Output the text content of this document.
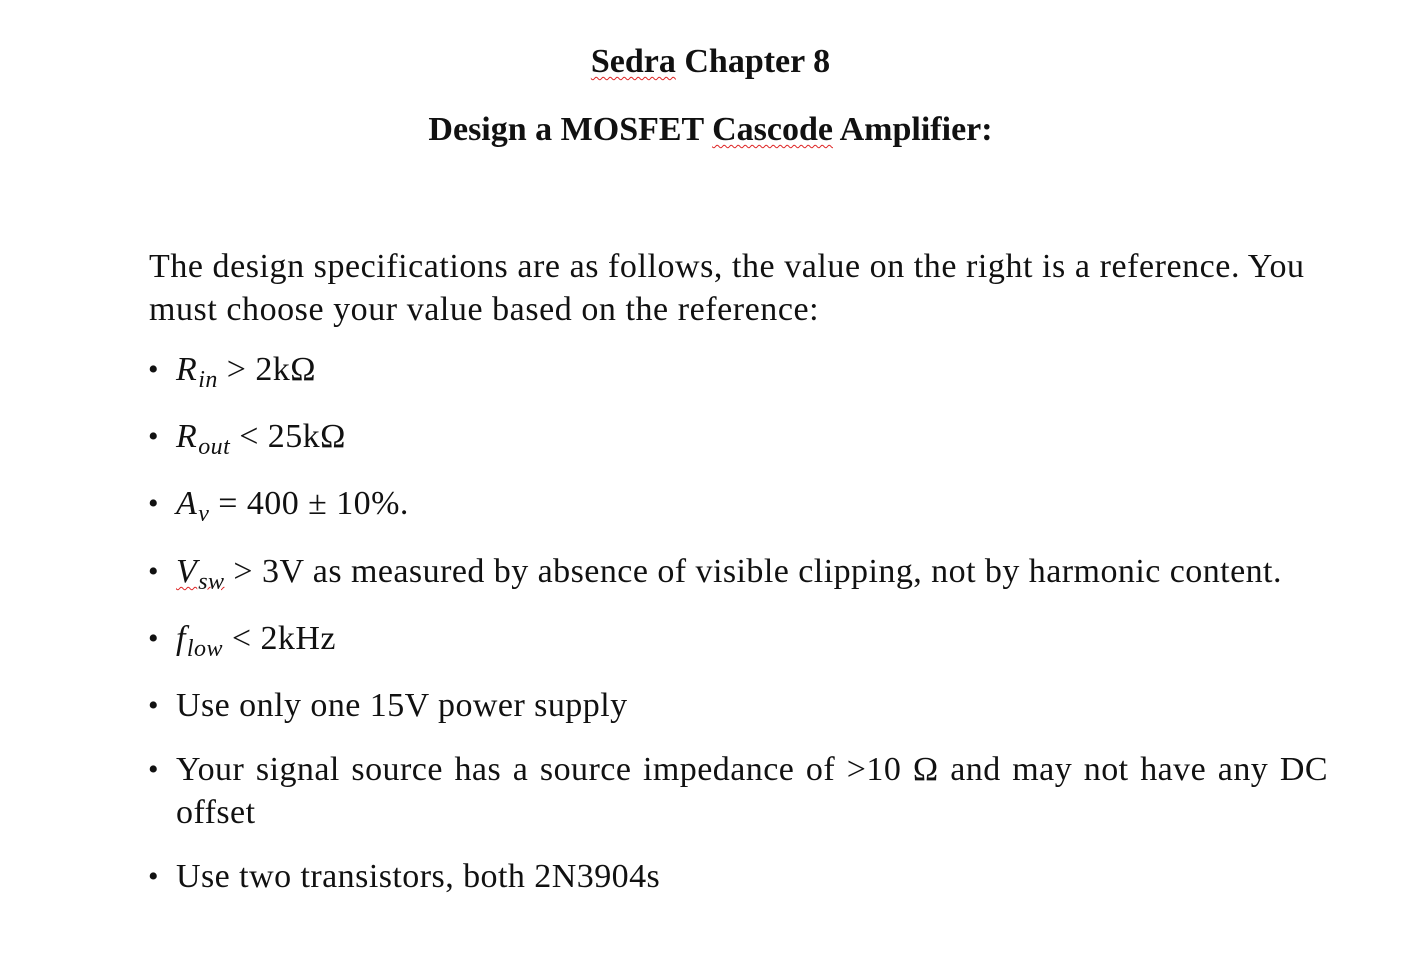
Sedra Chapter 8
Design a MOSFET Cascode Amplifier:

The design specifications are as follows, the value on the right is a reference. You must choose your value based on the reference:

• $R_{in} > 2k\Omega$
• $R_{out} < 25k\Omega$
• $A_v = 400 \pm 10\%$.
• $V_{sw} > 3V$ as measured by absence of visible clipping, not by harmonic content.
• $f_{low} < 2kHz$
• Use only one 15V power supply
• Your signal source has a source impedance of >10 Ω and may not have any DC offset
• Use two transistors, both 2N3904s
